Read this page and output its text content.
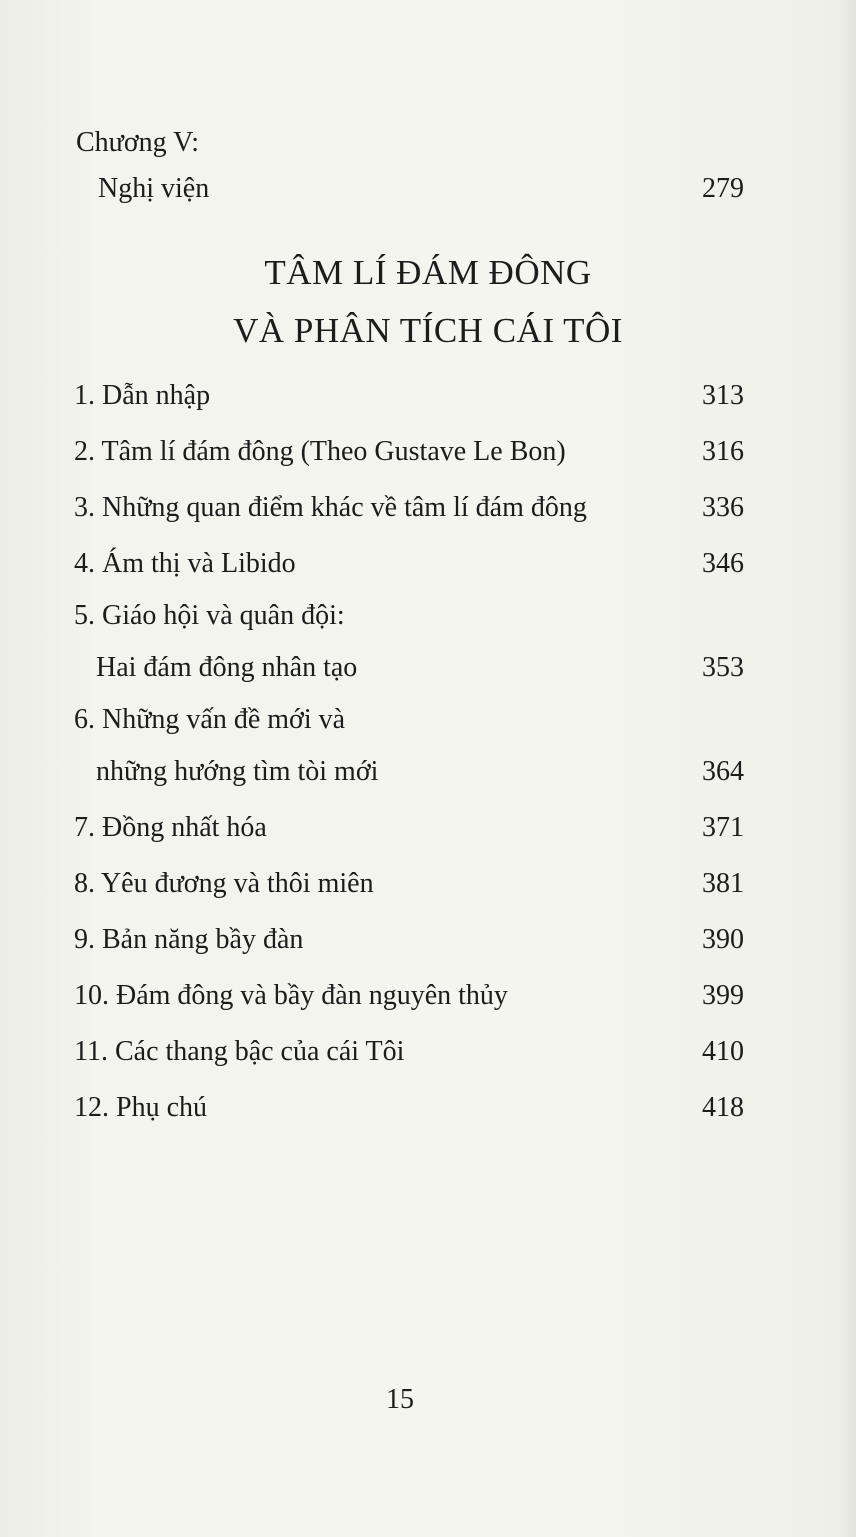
Chương V:
Nghị viện	279
TÂM LÍ ĐÁM ĐÔNG
VÀ PHÂN TÍCH CÁI TÔI
1. Dẫn nhập	313
2. Tâm lí đám đông (Theo Gustave Le Bon)	316
3. Những quan điểm khác về tâm lí đám đông	336
4. Ám thị và Libido	346
5. Giáo hội và quân đội:
Hai đám đông nhân tạo	353
6. Những vấn đề mới và
những hướng tìm tòi mới	364
7. Đồng nhất hóa	371
8. Yêu đương và thôi miên	381
9. Bản năng bầy đàn	390
10. Đám đông và bầy đàn nguyên thủy	399
11. Các thang bậc của cái Tôi	410
12. Phụ chú	418
15
